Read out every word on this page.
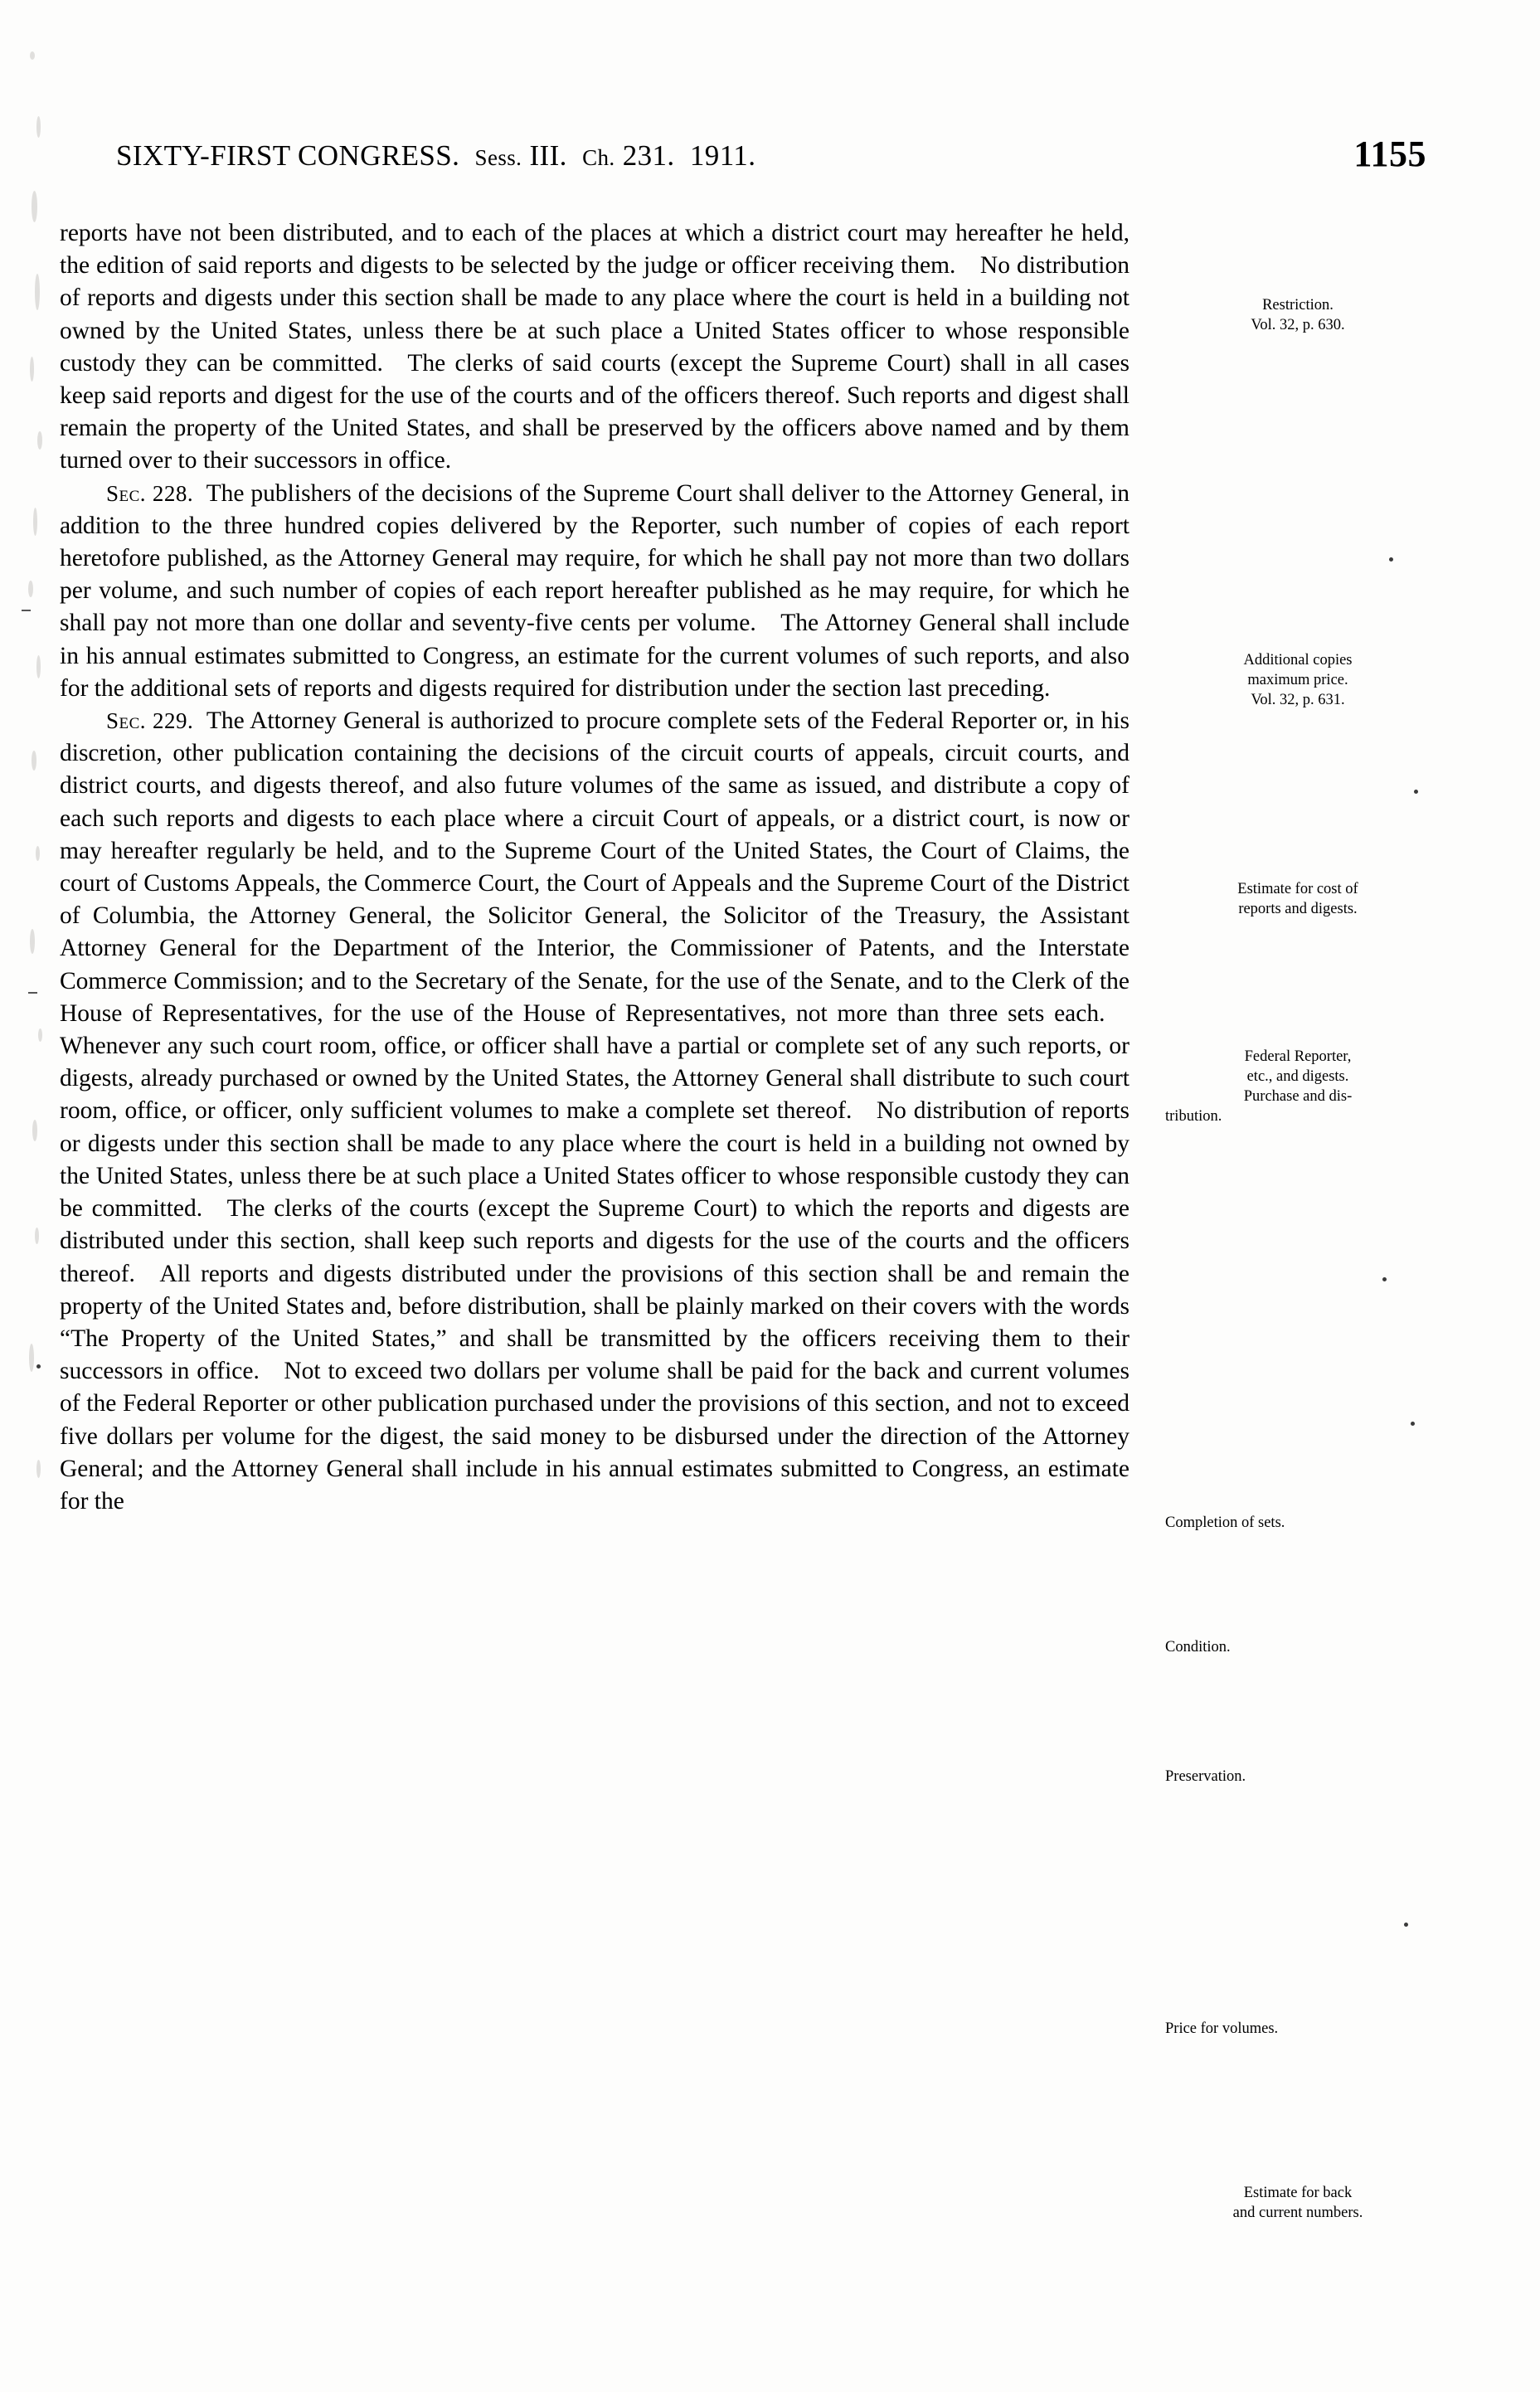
SIXTY-FIRST CONGRESS. Sess. III. Ch. 231. 1911.	1155

reports have not been distributed, and to each of the places at which a district court may hereafter he held, the edition of said reports and digests to be selected by the judge or officer receiving them. No distribution of reports and digests under this section shall be made to any place where the court is held in a building not owned by the United States, unless there be at such place a United States officer to whose responsible custody they can be committed. The clerks of said courts (except the Supreme Court) shall in all cases keep said reports and digest for the use of the courts and of the officers thereof. Such reports and digest shall remain the property of the United States, and shall be preserved by the officers above named and by them turned over to their successors in office.

Sec. 228. The publishers of the decisions of the Supreme Court shall deliver to the Attorney General, in addition to the three hundred copies delivered by the Reporter, such number of copies of each report heretofore published, as the Attorney General may require, for which he shall pay not more than two dollars per volume, and such number of copies of each report hereafter published as he may require, for which he shall pay not more than one dollar and seventy-five cents per volume. The Attorney General shall include in his annual estimates submitted to Congress, an estimate for the current volumes of such reports, and also for the additional sets of reports and digests required for distribution under the section last preceding.

Sec. 229. The Attorney General is authorized to procure complete sets of the Federal Reporter or, in his discretion, other publication containing the decisions of the circuit courts of appeals, circuit courts, and district courts, and digests thereof, and also future volumes of the same as issued, and distribute a copy of each such reports and digests to each place where a circuit Court of appeals, or a district court, is now or may hereafter regularly be held, and to the Supreme Court of the United States, the Court of Claims, the court of Customs Appeals, the Commerce Court, the Court of Appeals and the Supreme Court of the District of Columbia, the Attorney General, the Solicitor General, the Solicitor of the Treasury, the Assistant Attorney General for the Department of the Interior, the Commissioner of Patents, and the Interstate Commerce Commission; and to the Secretary of the Senate, for the use of the Senate, and to the Clerk of the House of Representatives, for the use of the House of Representatives, not more than three sets each. Whenever any such court room, office, or officer shall have a partial or complete set of any such reports, or digests, already purchased or owned by the United States, the Attorney General shall distribute to such court room, office, or officer, only sufficient volumes to make a complete set thereof. No distribution of reports or digests under this section shall be made to any place where the court is held in a building not owned by the United States, unless there be at such place a United States officer to whose responsible custody they can be committed. The clerks of the courts (except the Supreme Court) to which the reports and digests are distributed under this section, shall keep such reports and digests for the use of the courts and the officers thereof. All reports and digests distributed under the provisions of this section shall be and remain the property of the United States and, before distribution, shall be plainly marked on their covers with the words “The Property of the United States,” and shall be transmitted by the officers receiving them to their successors in office. Not to exceed two dollars per volume shall be paid for the back and current volumes of the Federal Reporter or other publication purchased under the provisions of this section, and not to exceed five dollars per volume for the digest, the said money to be disbursed under the direction of the Attorney General; and the Attorney General shall include in his annual estimates submitted to Congress, an estimate for the

Restriction.
Vol. 32, p. 630.
Additional copies
maximum price.
Vol. 32, p. 631.
Estimate for cost of
reports and digests.
Federal Reporter,
etc., and digests.
Purchase and dis-
tribution.
Completion of sets.
Condition.
Preservation.
Price for volumes.
Estimate for back
and current numbers.
